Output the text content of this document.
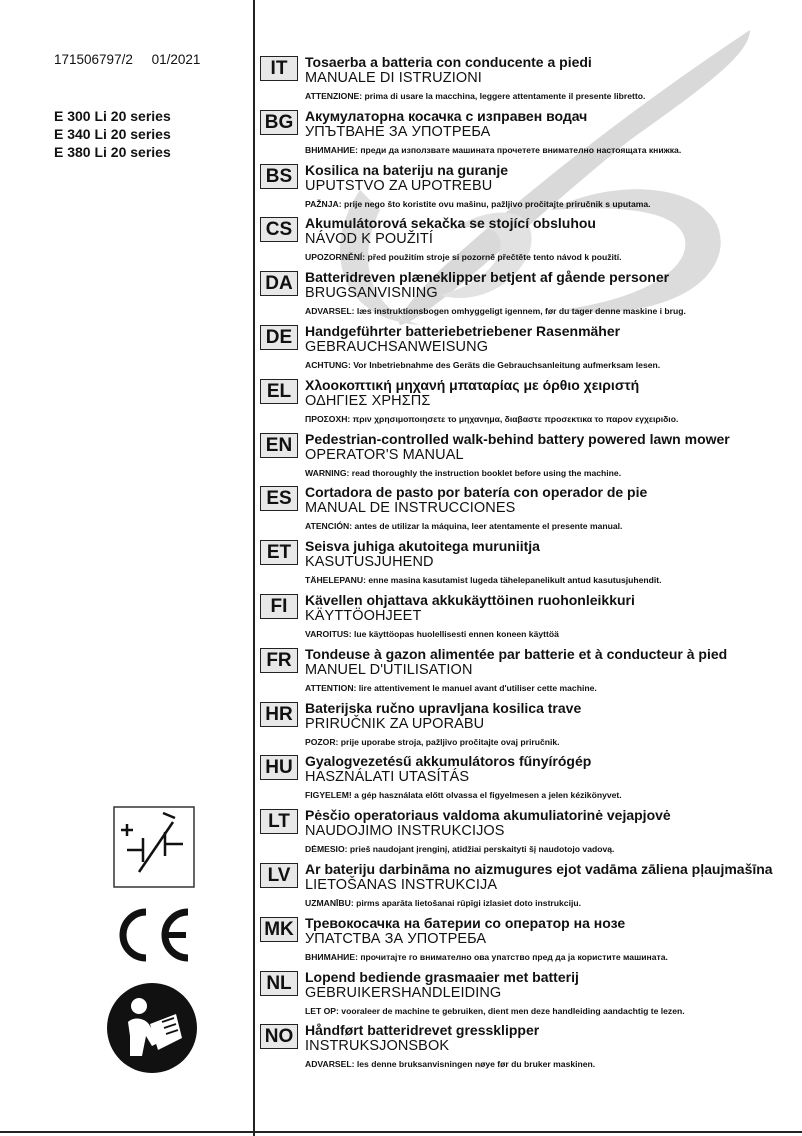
171506797/2 01/2021
E 300 Li 20 series
E 340 Li 20 series
E 380 Li 20 series
IT	Tosaerba a batteria con conducente a piedi
MANUALE DI ISTRUZIONI
ATTENZIONE: prima di usare la macchina, leggere attentamente il presente libretto.
BG Акумулаторна косачка с изправен водач
УПЪТВАНЕ ЗА УПОТРЕБА
ВНИМАНИЕ: преди да използвате машината прочетете внимателно настоящата книжка.
BS Kosilica na bateriju na guranje
UPUTSTVO ZA UPOTREBU
PAŽNJA: prije nego što koristite ovu mašinu, pažljivo pročitajte priručnik s uputama.
CS Akumulátorová sekačka se stojící obsluhou
NÁVOD K POUŽITÍ
UPOZORNĚNÍ: před použitím stroje si pozorně přečtěte tento návod k použití.
DA Batteridreven plæneklipper betjent af gående personer
BRUGSANVISNING
ADVARSEL: læs instruktionsbogen omhyggeligt igennem, før du tager denne maskine i brug.
DE Handgeführter batteriebetriebener Rasenmäher
GEBRAUCHSANWEISUNG
ACHTUNG: Vor Inbetriebnahme des Geräts die Gebrauchsanleitung aufmerksam lesen.
EL Χλοοκοπτική μηχανή μπαταρίας με όρθιο χειριστή
ΟΔΗΓΙΕΣ ΧΡΗΣΠΣ
ΠΡΟΣΟΧΗ: πριν χρησιμοποιησετε το μηχανημα, διαβαστε προσεκτικα το παρον εγχειριδιο.
EN Pedestrian-controlled walk-behind battery powered lawn mower
OPERATOR'S MANUAL
WARNING: read thoroughly the instruction booklet before using the machine.
ES Cortadora de pasto por batería con operador de pie
MANUAL DE INSTRUCCIONES
ATENCIÓN: antes de utilizar la máquina, leer atentamente el presente manual.
ET Seisva juhiga akutoitega muruniitja
KASUTUSJUHEND
TÄHELEPANU: enne masina kasutamist lugeda tähelepanelikult antud kasutusjuhendit.
FI	Kävellen ohjattava akkukäyttöinen ruohonleikkuri
KÄYTTÖOHJEET
VAROITUS: lue käyttöopas huolellisesti ennen koneen käyttöä
FR Tondeuse à gazon alimentée par batterie et à conducteur à pied
MANUEL D'UTILISATION
ATTENTION: lire attentivement le manuel avant d'utiliser cette machine.
HR Baterijska ručno upravljana kosilica trave
PRIRUČNIK ZA UPORABU
POZOR: prije uporabe stroja, pažljivo pročitajte ovaj priručnik.
HU Gyalogvezetésű akkumulátoros fűnyírógép
HASZNÁLATI UTASÍTÁS
FIGYELEM! a gép használata előtt olvassa el figyelmesen a jelen kézikönyvet.
LT	Pėsčio operatoriaus valdoma akumuliatorinė vejapjovė
NAUDOJIMO INSTRUKCIJOS
DĖMESIO: prieš naudojant įrenginį, atidžiai perskaityti šį naudotojo vadovą.
LV	Ar bateriju darbināma no aizmugures ejot vadāma zāliena pļaujmašīna
LIETOŠANAS INSTRUKCIJA
UZMANĪBU: pirms aparāta lietošanai rūpīgi izlasiet doto instrukciju.
MK Тревокосачка на батерии со оператор на нозе
УПАТСТВА ЗА УПОТРЕБА
ВНИМАНИЕ: прочитајте го внимателно ова упатство пред да ја користите машината.
NL Lopend bediende grasmaaier met batterij
GEBRUIKERSHANDLEIDING
LET OP: vooraleer de machine te gebruiken, dient men deze handleiding aandachtig te lezen.
NO Håndført batteridrevet gressklipper
INSTRUKSJONSBOK
ADVARSEL: les denne bruksanvisningen nøye før du bruker maskinen.
